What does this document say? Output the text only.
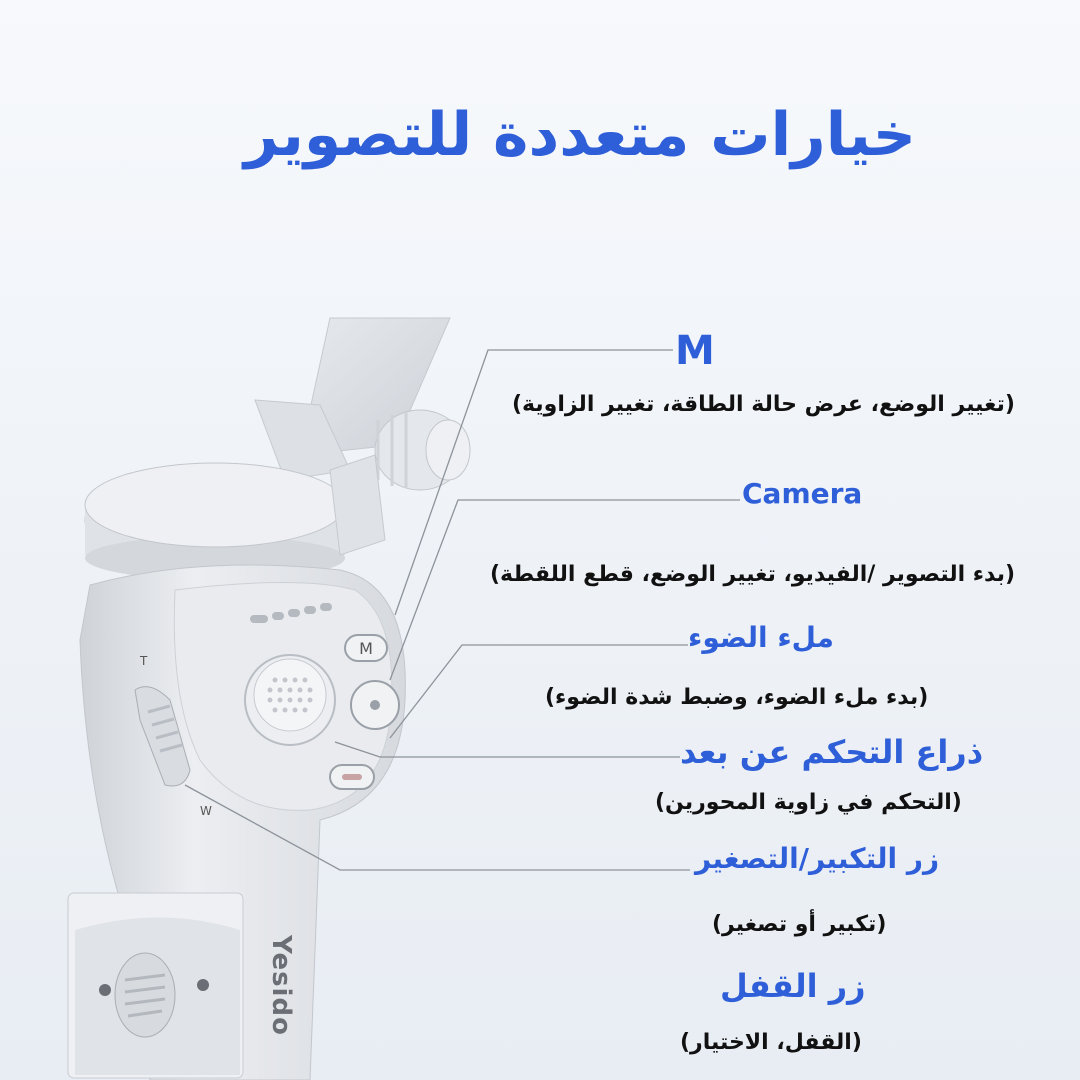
M
T
W
Yesido
خيارات متعددة للتصوير
M
(تغيير الوضع، عرض حالة الطاقة، تغيير الزاوية)
Camera
(بدء التصوير /الفيديو، تغيير الوضع، قطع اللقطة)
ملء الضوء
(بدء ملء الضوء، وضبط شدة الضوء)
ذراع التحكم عن بعد
(التحكم في زاوية المحورين)
زر التكبير/التصغير
(تكبير أو تصغير)
زر القفل
(القفل، الاختيار)
